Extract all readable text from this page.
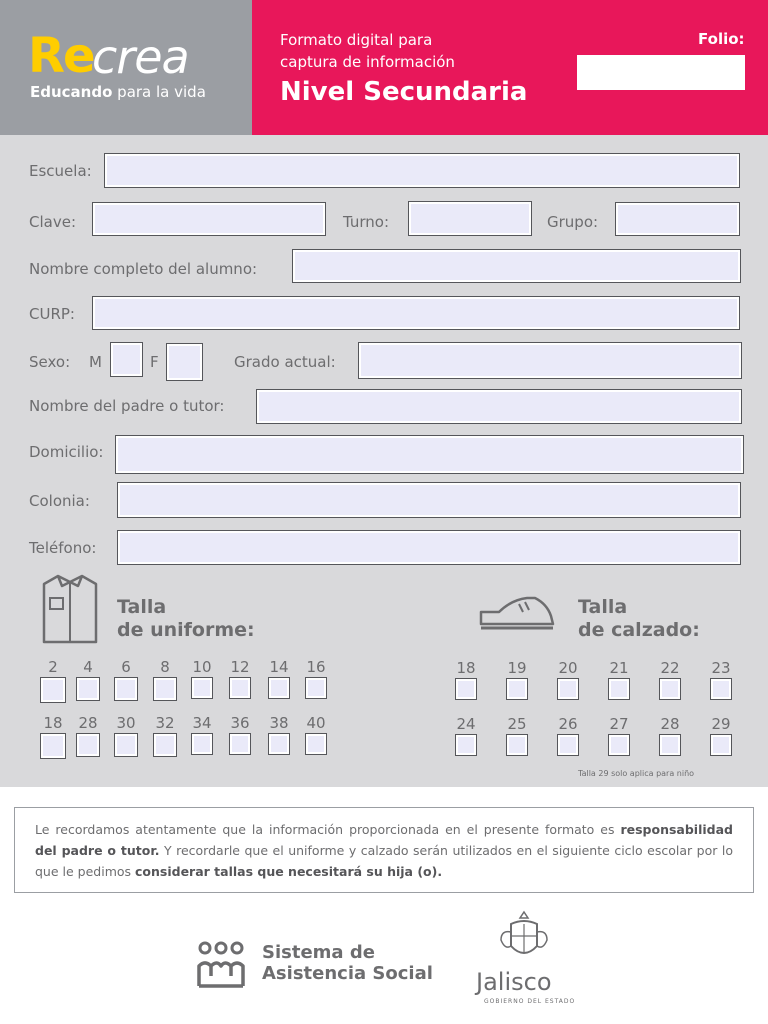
Re
crea
Educando para la vida
Formato digital para
captura de información
Nivel Secundaria
Folio:
Escuela:
Clave:	Turno:	Grupo:
Nombre completo del alumno:
CURP:
Sexo: M	F	Grado actual:
Nombre del padre o tutor:
Domicilio:
Colonia:
Teléfono:
Talla
de uniforme:
2	4	6	8	10	12	14	16
18	28	30	32	34	36	38	40
Talla
de calzado:
18	19	20	21	22	23
24	25	26	27	28	29
Talla 29 solo aplica para niño
Le recordamos atentamente que la información proporcionada en el presente formato es responsabilidad del padre o tutor. Y recordarle que el uniforme y calzado serán utilizados en el siguiente ciclo escolar por lo que le pedimos considerar tallas que necesitará su hija (o).
Sistema de
Asistencia Social Jalisco
GOBIERNO DEL ESTADO
